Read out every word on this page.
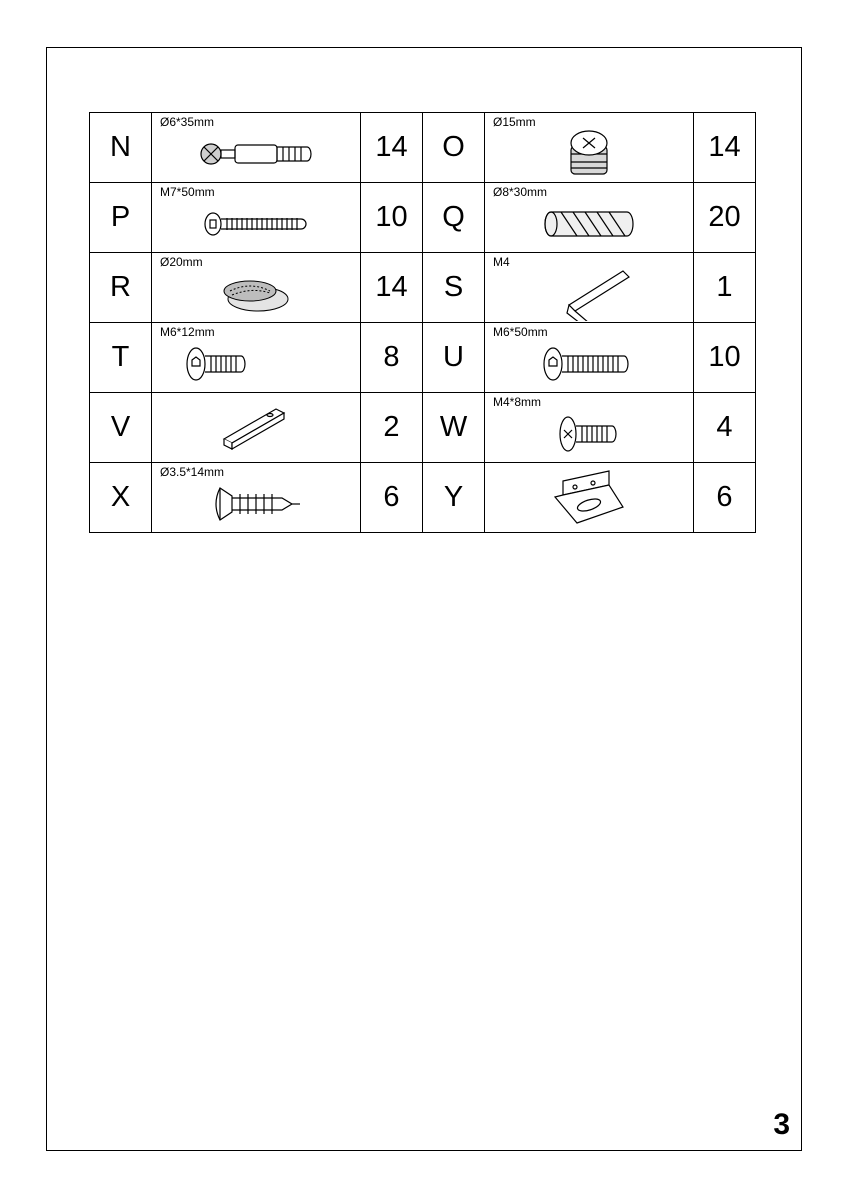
N	Ø6*35mm	14	O	Ø15mm	14
P	M7*50mm	10	Q	Ø8*30mm	20
R	Ø20mm	14	S	M4	1
T	M6*12mm	8	U	M6*50mm	10
V		2	W	M4*8mm	4
X	Ø3.5*14mm	6	Y		6
3
